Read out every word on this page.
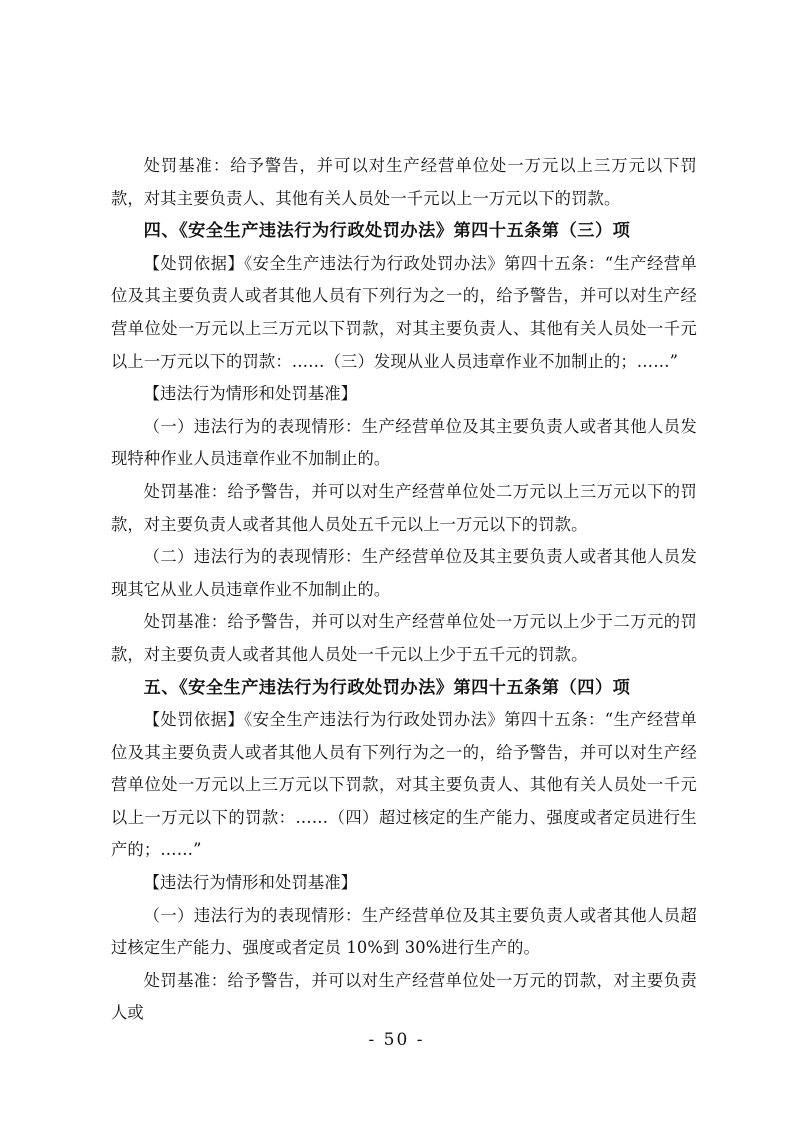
处罚基准：给予警告，并可以对生产经营单位处一万元以上三万元以下罚款，对其主要负责人、其他有关人员处一千元以上一万元以下的罚款。

四、《安全生产违法行为行政处罚办法》第四十五条第（三）项

【处罚依据】《安全生产违法行为行政处罚办法》第四十五条：“生产经营单位及其主要负责人或者其他人员有下列行为之一的，给予警告，并可以对生产经营单位处一万元以上三万元以下罚款，对其主要负责人、其他有关人员处一千元以上一万元以下的罚款：……（三）发现从业人员违章作业不加制止的；……”

【违法行为情形和处罚基准】

（一）违法行为的表现情形：生产经营单位及其主要负责人或者其他人员发现特种作业人员违章作业不加制止的。

处罚基准：给予警告，并可以对生产经营单位处二万元以上三万元以下的罚款，对主要负责人或者其他人员处五千元以上一万元以下的罚款。

（二）违法行为的表现情形：生产经营单位及其主要负责人或者其他人员发现其它从业人员违章作业不加制止的。

处罚基准：给予警告，并可以对生产经营单位处一万元以上少于二万元的罚款，对主要负责人或者其他人员处一千元以上少于五千元的罚款。

五、《安全生产违法行为行政处罚办法》第四十五条第（四）项

【处罚依据】《安全生产违法行为行政处罚办法》第四十五条：“生产经营单位及其主要负责人或者其他人员有下列行为之一的，给予警告，并可以对生产经营单位处一万元以上三万元以下罚款，对其主要负责人、其他有关人员处一千元以上一万元以下的罚款：……（四）超过核定的生产能力、强度或者定员进行生产的；……”

【违法行为情形和处罚基准】

（一）违法行为的表现情形：生产经营单位及其主要负责人或者其他人员超过核定生产能力、强度或者定员 10%到 30%进行生产的。

处罚基准：给予警告，并可以对生产经营单位处一万元的罚款，对主要负责人或

- 50 -
